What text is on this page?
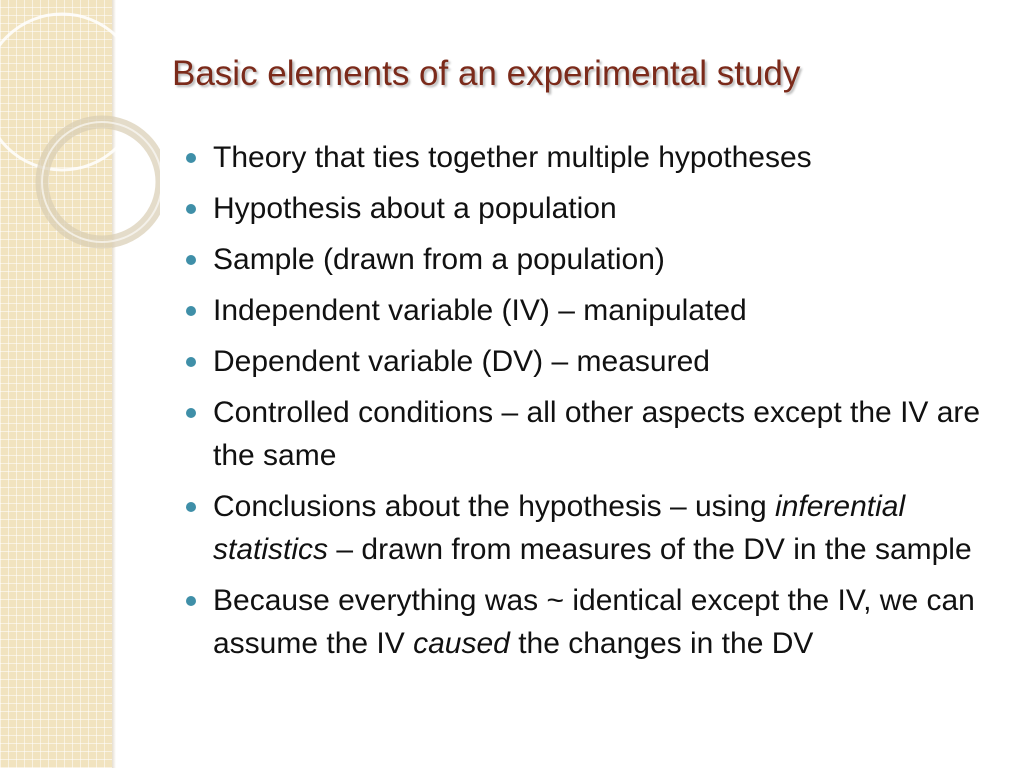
Basic elements of an experimental study
Theory that ties together multiple hypotheses
Hypothesis about a population
Sample (drawn from a population)
Independent variable (IV) – manipulated
Dependent variable (DV) – measured
Controlled conditions – all other aspects except the IV are the same
Conclusions about the hypothesis – using inferential statistics – drawn from measures of the DV in the sample
Because everything was ~ identical except the IV, we can assume the IV caused the changes in the DV
